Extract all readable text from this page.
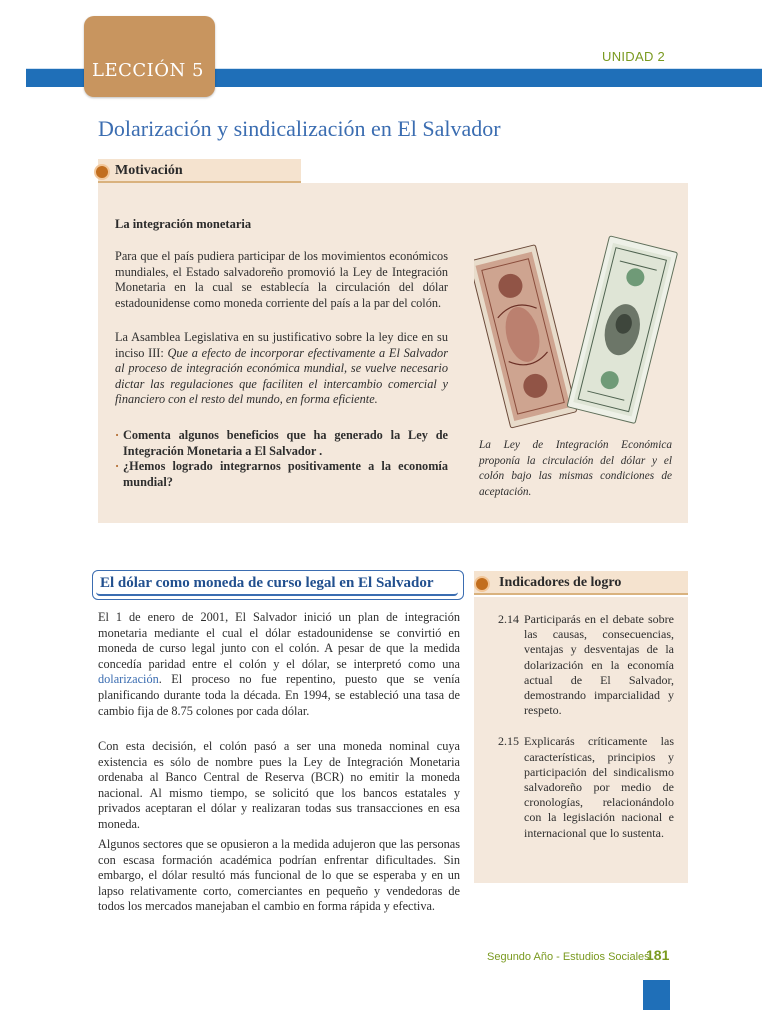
LECCIÓN 5
UNIDAD 2
Dolarización y sindicalización en El Salvador
Motivación
La integración monetaria
Para que el país pudiera participar de los movimientos económicos mundiales, el Estado salvadoreño promovió la Ley de Integración Monetaria en la cual se establecía la circulación del dólar estadounidense como moneda corriente del país a la par del colón.
La Asamblea Legislativa en su justificativo sobre la ley dice en su inciso III: Que a efecto de incorporar efectivamente a El Salvador al proceso de integración económica mundial, se vuelve necesario dictar las regulaciones que faciliten el intercambio comercial y financiero con el resto del mundo, en forma eficiente.
· Comenta algunos beneficios que ha generado la Ley de Integración Monetaria a El Salvador .
· ¿Hemos logrado integrarnos positivamente a la economía mundial?
La Ley de Integración Económica proponía la circulación del dólar y el colón bajo las mismas condiciones de aceptación.
El dólar como moneda de curso legal en El Salvador
El 1 de enero de 2001, El Salvador inició un plan de integración monetaria mediante el cual el dólar estadounidense se convirtió en moneda de curso legal junto con el colón. A pesar de que la medida concedía paridad entre el colón y el dólar, se interpretó como una dolarización. El proceso no fue repentino, puesto que se venía planificando durante toda la década. En 1994, se estableció una tasa de cambio fija de 8.75 colones por cada dólar.
Con esta decisión, el colón pasó a ser una moneda nominal cuya existencia es sólo de nombre pues la Ley de Integración Monetaria ordenaba al Banco Central de Reserva (BCR) no emitir la moneda nacional. Al mismo tiempo, se solicitó que los bancos estatales y privados aceptaran el dólar y realizaran todas sus transacciones en esa moneda.
Algunos sectores que se opusieron a la medida adujeron que las personas con escasa formación académica podrían enfrentar dificultades. Sin embargo, el dólar resultó más funcional de lo que se esperaba y en un lapso relativamente corto, comerciantes en pequeño y vendedoras de todos los mercados manejaban el cambio en forma rápida y efectiva.
Indicadores de logro
2.14 Participarás en el debate sobre las causas, consecuencias, ventajas y desventajas de la dolarización en la economía actual de El Salvador, demostrando imparcialidad y respeto.
2.15 Explicarás críticamente las características, principios y participación del sindicalismo salvadoreño por medio de cronologías, relacionándolo con la legislación nacional e internacional que lo sustenta.
Segundo Año - Estudios Sociales
181
